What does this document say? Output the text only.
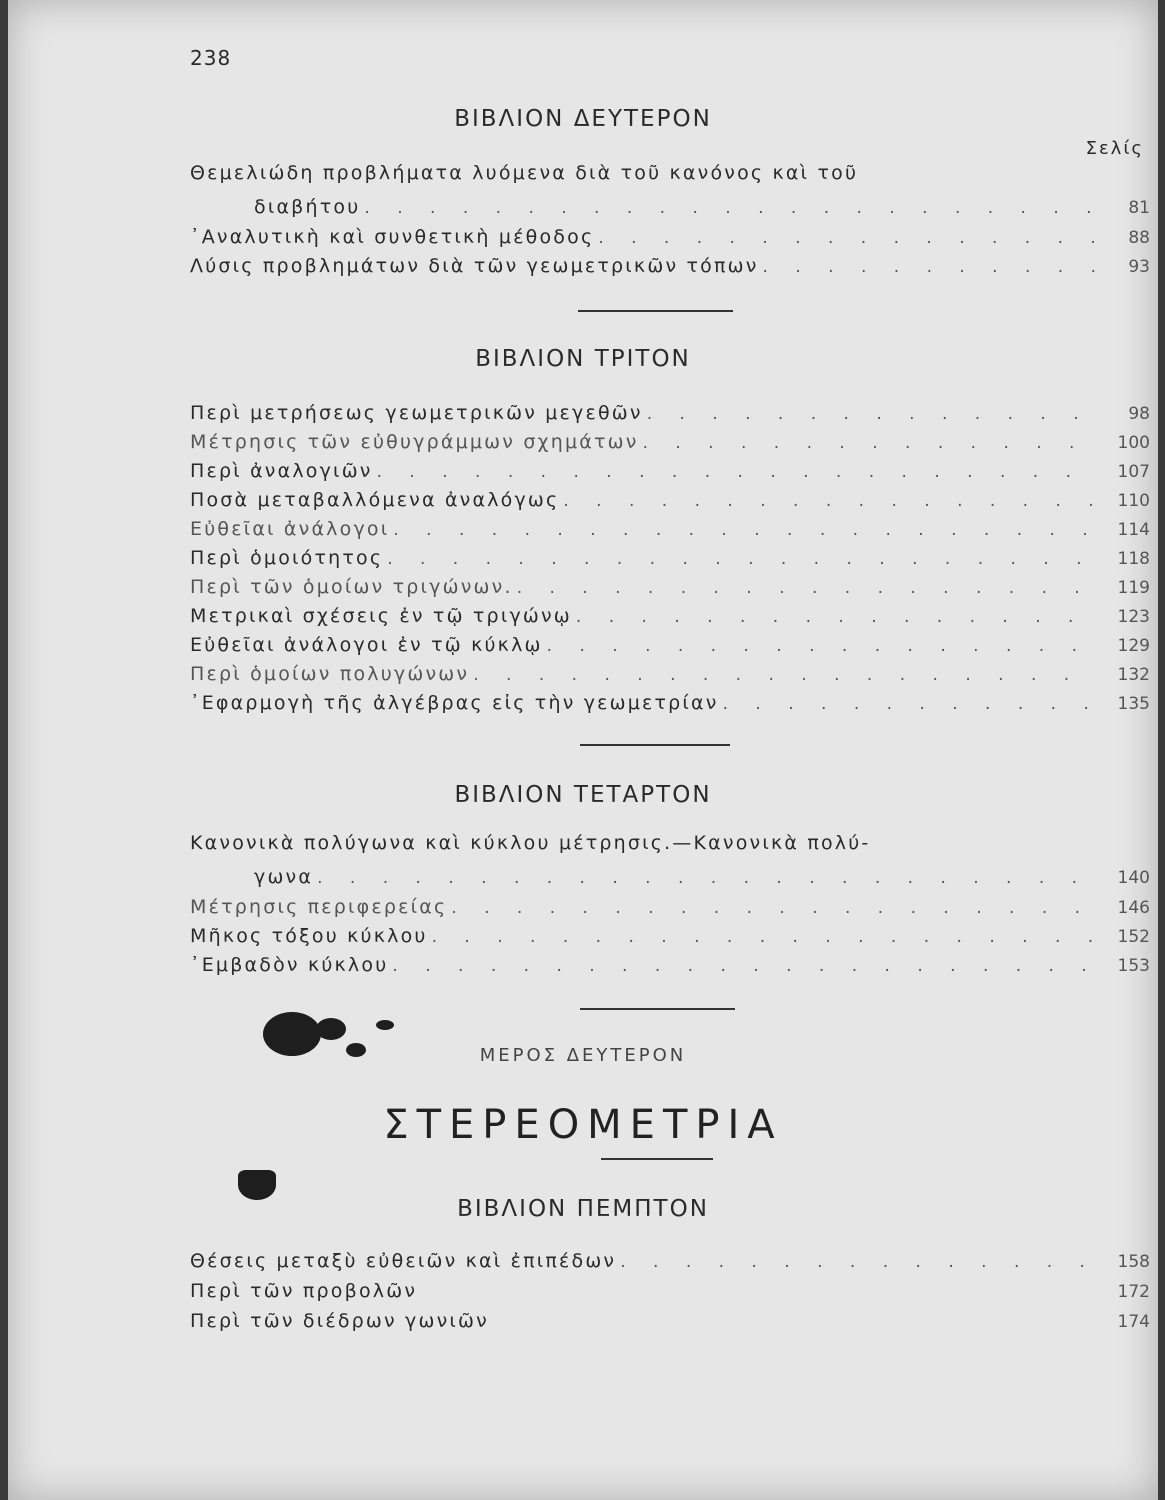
238
ΒΙΒΛΙΟΝ ΔΕΥΤΕΡΟΝ
Σελίς
Θεμελιώδη προβλήματα λυόμενα διὰ τοῦ κανόνος καὶ τοῦ
διαβήτου . . .	81
᾿Αναλυτικὴ καὶ συνθετικὴ μέθοδος . . .	88
Λύσις προβλημάτων διὰ τῶν γεωμετρικῶν τόπων . . .	93
ΒΙΒΛΙΟΝ ΤΡΙΤΟΝ
Περὶ μετρήσεως γεωμετρικῶν μεγεθῶν . . .	98
Μέτρησις τῶν εὐθυγράμμων σχημάτων . . .	100
Περὶ ἀναλογιῶν . . .	107
Ποσὰ μεταβαλλόμενα ἀναλόγως . . .	110
Εὐθεῖαι ἀνάλογοι . . .	114
Περὶ ὁμοιότητος . . .	118
Περὶ τῶν ὁμοίων τριγώνων. . . .	119
Μετρικαὶ σχέσεις ἐν τῷ τριγώνῳ . . .	123
Εὐθεῖαι ἀνάλογοι ἐν τῷ κύκλῳ . . .	129
Περὶ ὁμοίων πολυγώνων . . .	132
᾿Εφαρμογὴ τῆς ἀλγέβρας εἰς τὴν γεωμετρίαν . . .	135
ΒΙΒΛΙΟΝ ΤΕΤΑΡΤΟΝ
Κανονικὰ πολύγωνα καὶ κύκλου μέτρησις.—Κανονικὰ πολύ-
γωνα . . .	140
Μέτρησις περιφερείας . . .	146
Μῆκος τόξου κύκλου . . .	152
᾿Εμβαδὸν κύκλου . . .	153
ΜΕΡΟΣ ΔΕΥΤΕΡΟΝ
ΣΤΕΡΕΟΜΕΤΡΙΑ
ΒΙΒΛΙΟΝ ΠΕΜΠΤΟΝ
Θέσεις μεταξὺ εὐθειῶν καὶ ἐπιπέδων . . .	158
Περὶ τῶν προβολῶν	172
Περὶ τῶν διέδρων γωνιῶν	174
